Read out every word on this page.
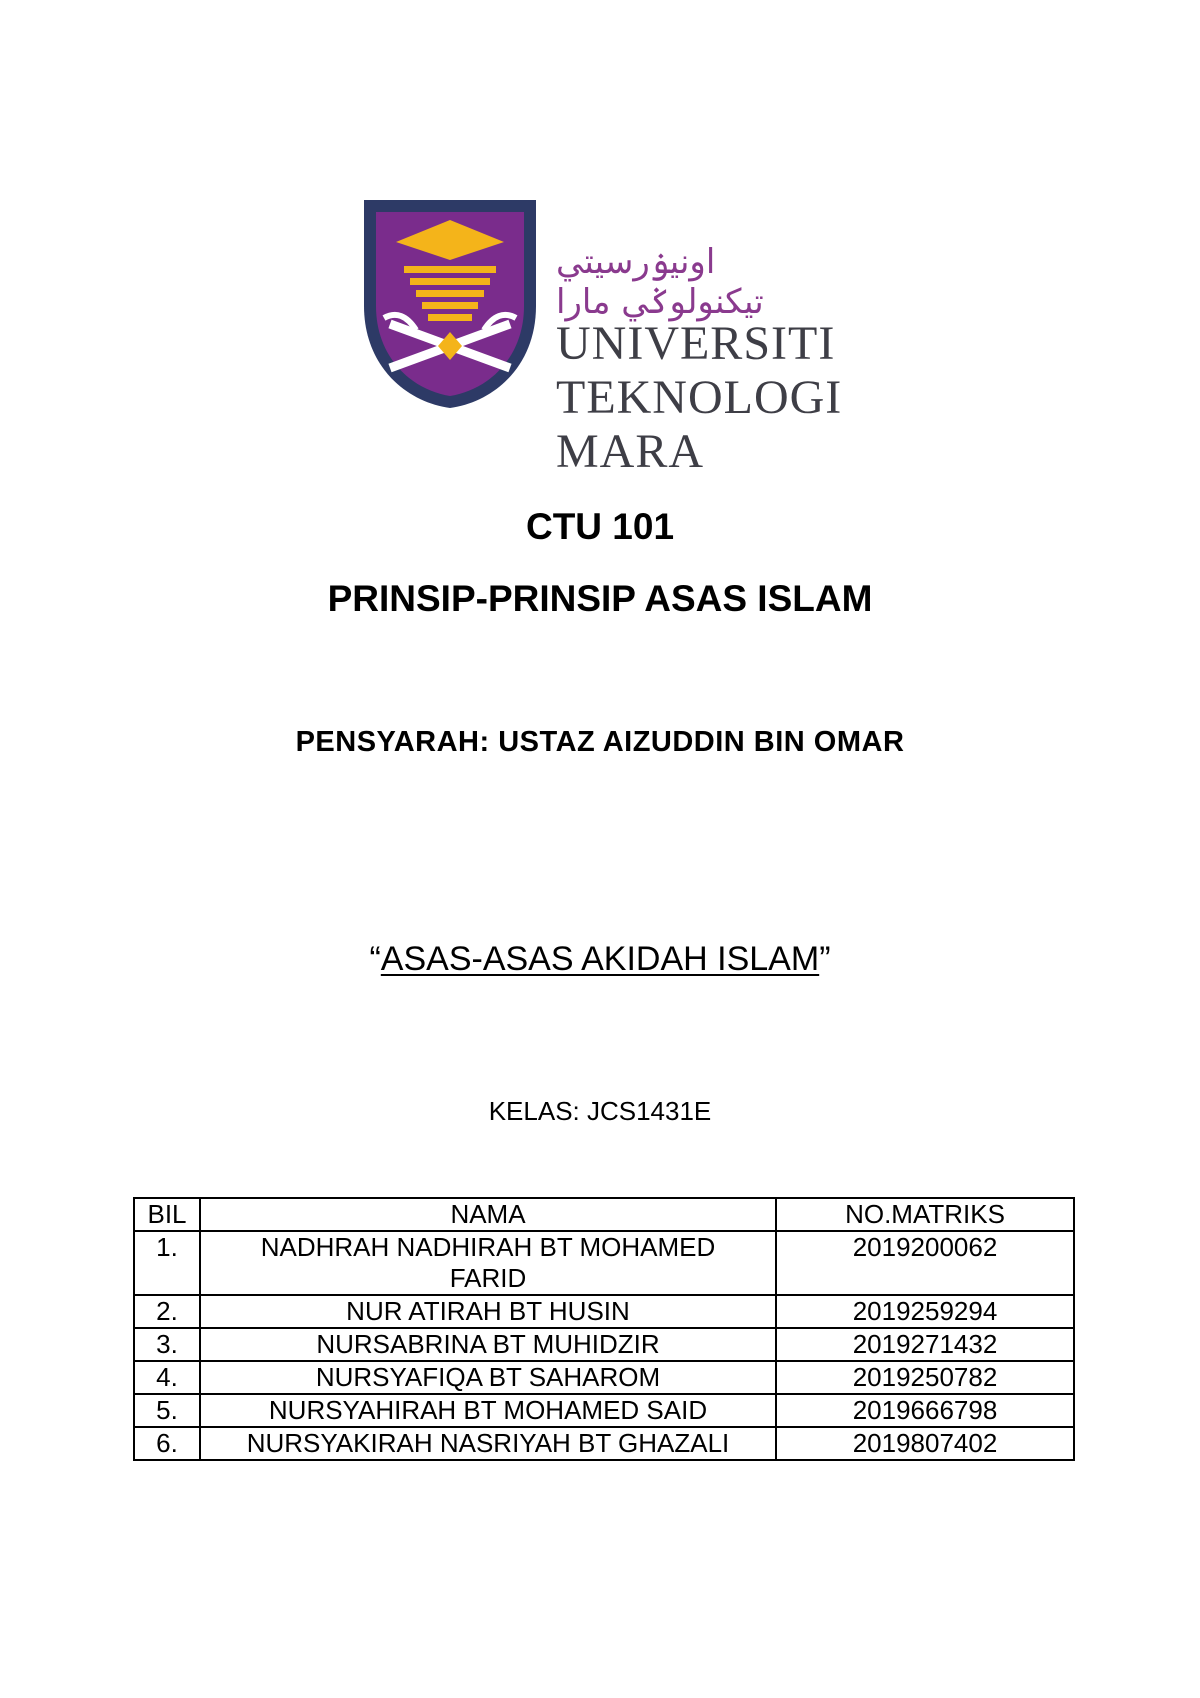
اونيۏرسيتي تيكنولوݢي مارا
UNIVERSITI
TEKNOLOGI
MARA
CTU 101
PRINSIP-PRINSIP ASAS ISLAM
PENSYARAH: USTAZ AIZUDDIN BIN OMAR
“ASAS-ASAS AKIDAH ISLAM”
KELAS: JCS1431E
BIL	NAMA	NO.MATRIKS
1.	NADHRAH NADHIRAH BT MOHAMED FARID	2019200062
2.	NUR ATIRAH BT HUSIN	2019259294
3.	NURSABRINA BT MUHIDZIR	2019271432
4.	NURSYAFIQA BT SAHAROM	2019250782
5.	NURSYAHIRAH BT MOHAMED SAID	2019666798
6.	NURSYAKIRAH NASRIYAH BT GHAZALI	2019807402
